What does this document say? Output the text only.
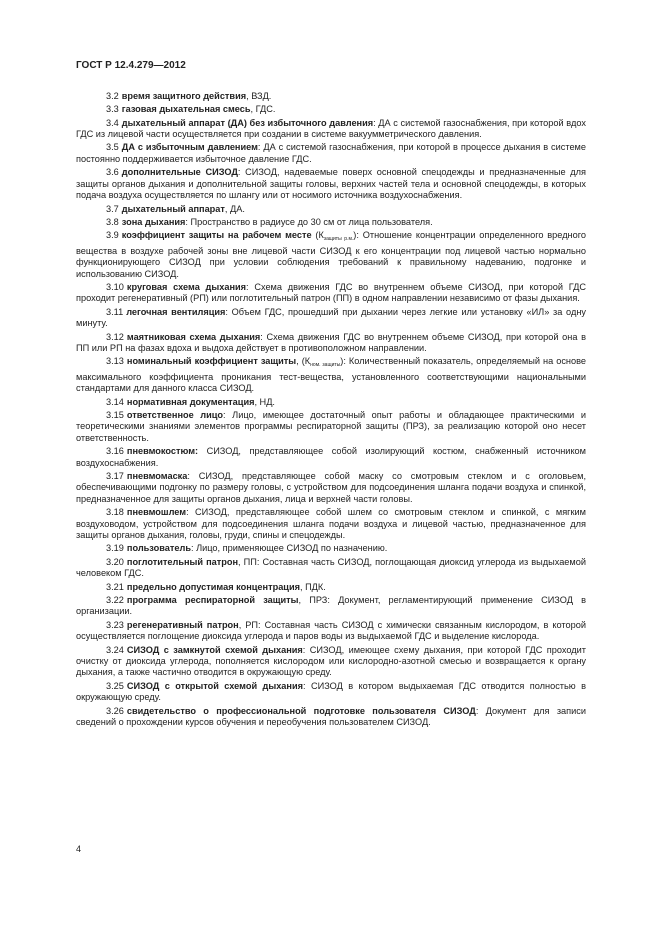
ГОСТ Р 12.4.279—2012

3.2 время защитного действия, ВЗД.

3.3 газовая дыхательная смесь, ГДС.

3.4 дыхательный аппарат (ДА) без избыточного давления: ДА с системой газоснабжения, при которой вдох ГДС из лицевой части осуществляется при создании в системе вакуумметрического давления.

3.5 ДА с избыточным давлением: ДА с системой газоснабжения, при которой в процессе дыхания в системе постоянно поддерживается избыточное давление ГДС.

3.6 дополнительные СИЗОД: СИЗОД, надеваемые поверх основной спецодежды и предназначенные для защиты органов дыхания и дополнительной защиты головы, верхних частей тела и основной спецодежды, в которых подача воздуха осуществляется по шлангу или от носимого источника воздухоснабжения.

3.7 дыхательный аппарат, ДА.

3.8 зона дыхания: Пространство в радиусе до 30 см от лица пользователя.

3.9 коэффициент защиты на рабочем месте $(К_{защиты р.м.})$: Отношение концентрации определенного вредного вещества в воздухе рабочей зоны вне лицевой части СИЗОД к его концентрации под лицевой частью нормально функционирующего СИЗОД при условии соблюдения требований к правильному надеванию, подгонке и использованию СИЗОД.

3.10 круговая схема дыхания: Схема движения ГДС во внутреннем объеме СИЗОД, при которой ГДС проходит регенеративный (РП) или поглотительный патрон (ПП) в одном направлении независимо от фазы дыхания.

3.11 легочная вентиляция: Объем ГДС, прошедший при дыхании через легкие или установку «ИЛ» за одну минуту.

3.12 маятниковая схема дыхания: Схема движения ГДС во внутреннем объеме СИЗОД, при которой она в ПП или РП на фазах вдоха и выдоха действует в противоположном направлении.

3.13 номинальный коэффициент защиты, $(К_{ном. защиты})$: Количественный показатель, определяемый на основе максимального коэффициента проникания тест-вещества, установленного соответствующими национальными стандартами для данного класса СИЗОД.

3.14 нормативная документация, НД.

3.15 ответственное лицо: Лицо, имеющее достаточный опыт работы и обладающее практическими и теоретическими знаниями элементов программы респираторной защиты (ПРЗ), за реализацию которой оно несет ответственность.

3.16 пневмокостюм: СИЗОД, представляющее собой изолирующий костюм, снабженный источником воздухоснабжения.

3.17 пневмомаска: СИЗОД, представляющее собой маску со смотровым стеклом и с оголовьем, обеспечивающими подгонку по размеру головы, с устройством для подсоединения шланга подачи воздуха и спинкой, предназначенное для защиты органов дыхания, лица и верхней части головы.

3.18 пневмошлем: СИЗОД, представляющее собой шлем со смотровым стеклом и спинкой, с мягким воздуховодом, устройством для подсоединения шланга подачи воздуха и лицевой частью, предназначенное для защиты органов дыхания, головы, груди, спины и спецодежды.

3.19 пользователь: Лицо, применяющее СИЗОД по назначению.

3.20 поглотительный патрон, ПП: Составная часть СИЗОД, поглощающая диоксид углерода из выдыхаемой человеком ГДС.

3.21 предельно допустимая концентрация, ПДК.

3.22 программа респираторной защиты, ПРЗ: Документ, регламентирующий применение СИЗОД в организации.

3.23 регенеративный патрон, РП: Составная часть СИЗОД с химически связанным кислородом, в которой осуществляется поглощение диоксида углерода и паров воды из выдыхаемой ГДС и выделение кислорода.

3.24 СИЗОД с замкнутой схемой дыхания: СИЗОД, имеющее схему дыхания, при которой ГДС проходит очистку от диоксида углерода, пополняется кислородом или кислородно-азотной смесью и возвращается к органу дыхания, а также частично отводится в окружающую среду.

3.25 СИЗОД с открытой схемой дыхания: СИЗОД в котором выдыхаемая ГДС отводится полностью в окружающую среду.

3.26 свидетельство о профессиональной подготовке пользователя СИЗОД: Документ для записи сведений о прохождении курсов обучения и переобучения пользователем СИЗОД.

4
